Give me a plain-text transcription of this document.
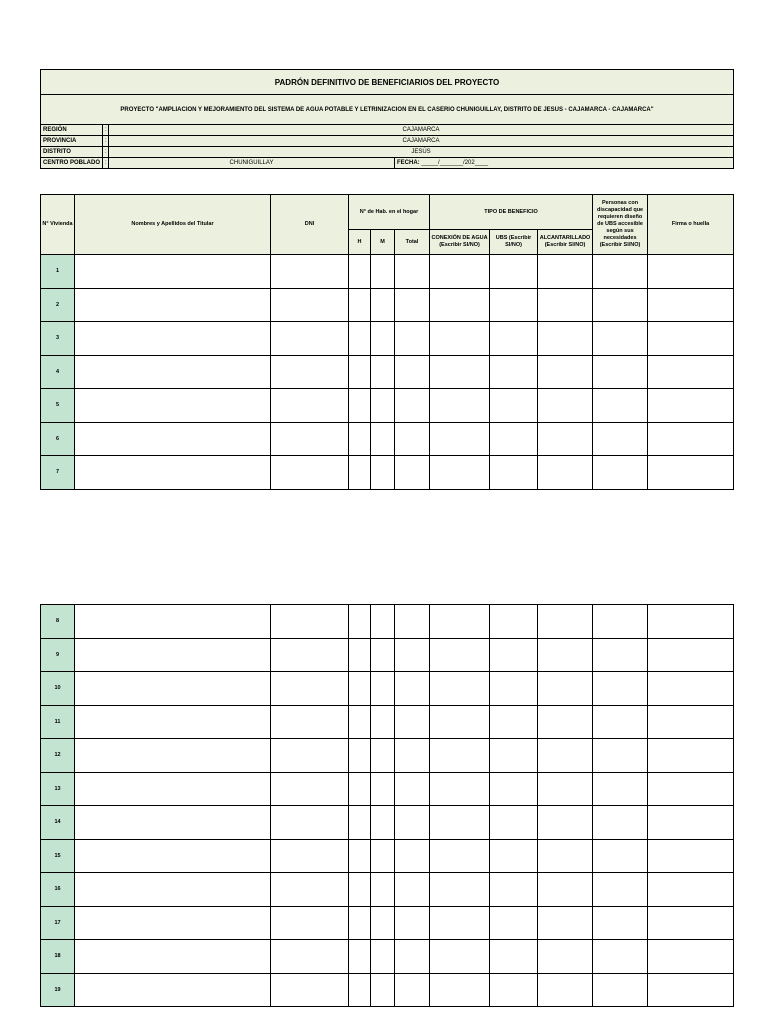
PADRÓN DEFINITIVO DE BENEFICIARIOS DEL PROYECTO			
PROYECTO "AMPLIACION Y MEJORAMIENTO DEL SISTEMA DE AGUA POTABLE Y LETRINIZACION EN EL CASERIO CHUNIGUILLAY, DISTRITO DE JESUS - CAJAMARCA - CAJAMARCA"			
REGIÓN	:	CAJAMARCA	
PROVINCIA	:	CAJAMARCA	
DISTRITO	:	JESÚS	
CENTRO POBLADO	:	CHUNIGUILLAY	FECHA: _____/_______/202____
N° Vivienda	Nombres y Apellidos del Titular	DNI	N° de Hab. en el hogar			TIPO DE BENEFICIO			Personas con discapacidad que requieren diseño de UBS accesible según sus necesidades (Escribir SI/NO)	Firma o huella
			H	M	Total	CONEXIÓN DE AGUA (Escribir SI/NO)	UBS (Escribir SI/NO)	ALCANTARILLADO (Escribir SI/NO)		
1										
2										
3										
4										
5										
6										
7										
8										
9										
10										
11										
12										
13										
14										
15										
16										
17										
18										
19										
